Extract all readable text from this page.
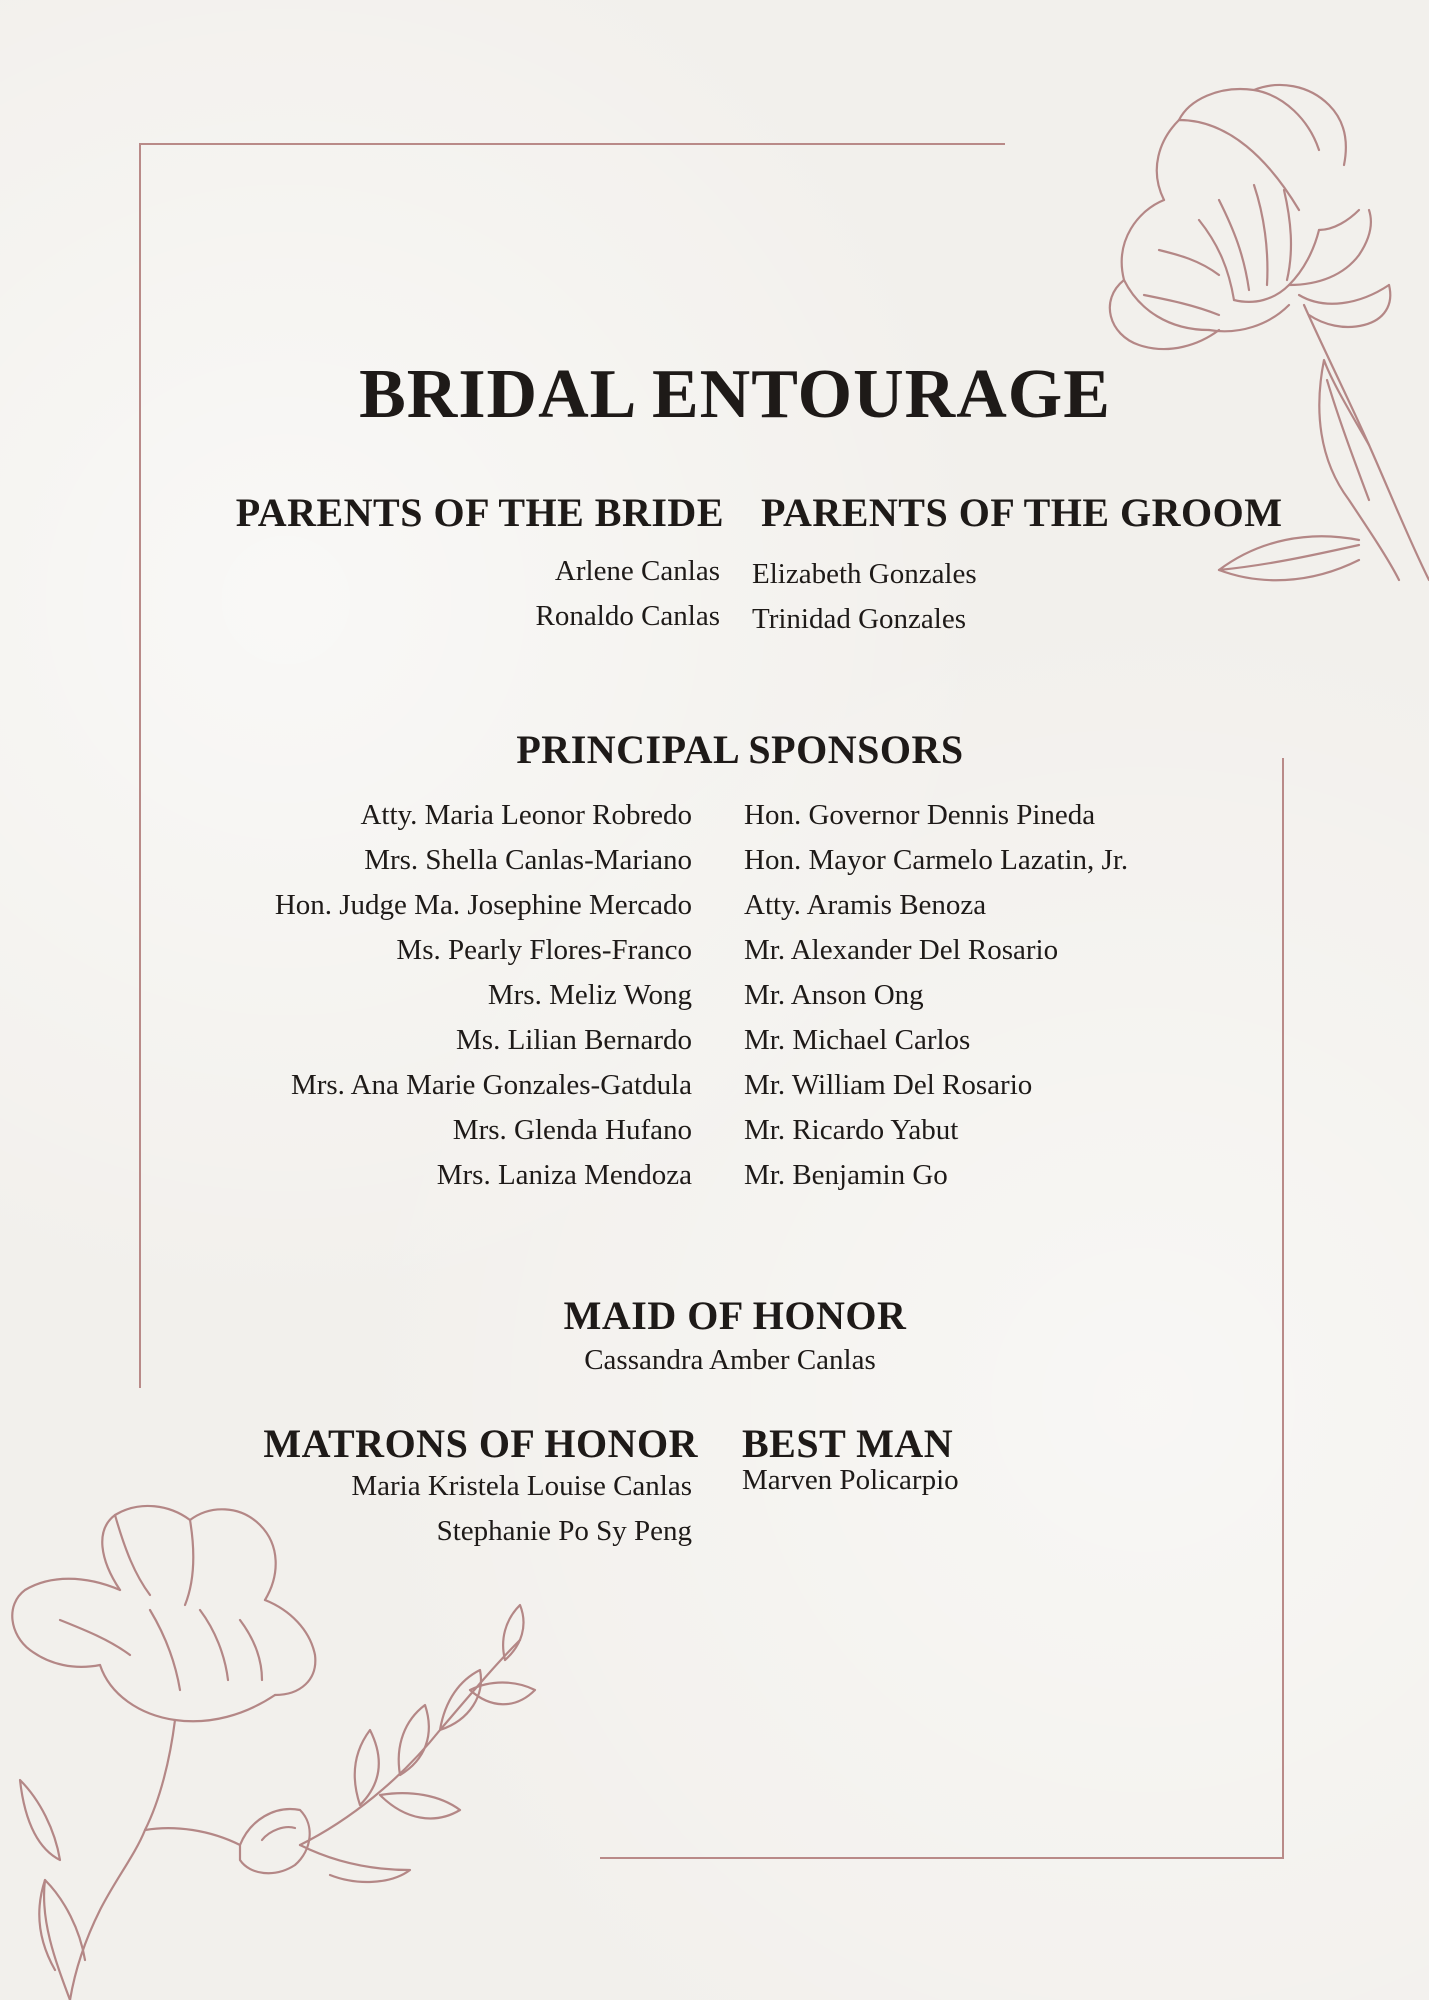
BRIDAL ENTOURAGE
PARENTS OF THE BRIDE PARENTS OF THE GROOM
Arlene Canlas
Ronaldo Canlas
Elizabeth Gonzales
Trinidad Gonzales
PRINCIPAL SPONSORS
Atty. Maria Leonor Robredo
Mrs. Shella Canlas-Mariano
Hon. Judge Ma. Josephine Mercado
Ms. Pearly Flores-Franco
Mrs. Meliz Wong
Ms. Lilian Bernardo
Mrs. Ana Marie Gonzales-Gatdula
Mrs. Glenda Hufano
Mrs. Laniza Mendoza
Hon. Governor Dennis Pineda
Hon. Mayor Carmelo Lazatin, Jr.
Atty. Aramis Benoza
Mr. Alexander Del Rosario
Mr. Anson Ong
Mr. Michael Carlos
Mr. William Del Rosario
Mr. Ricardo Yabut
Mr. Benjamin Go
MAID OF HONOR
Cassandra Amber Canlas
MATRONS OF HONOR
Maria Kristela Louise Canlas
Stephanie Po Sy Peng
BEST MAN
Marven Policarpio
